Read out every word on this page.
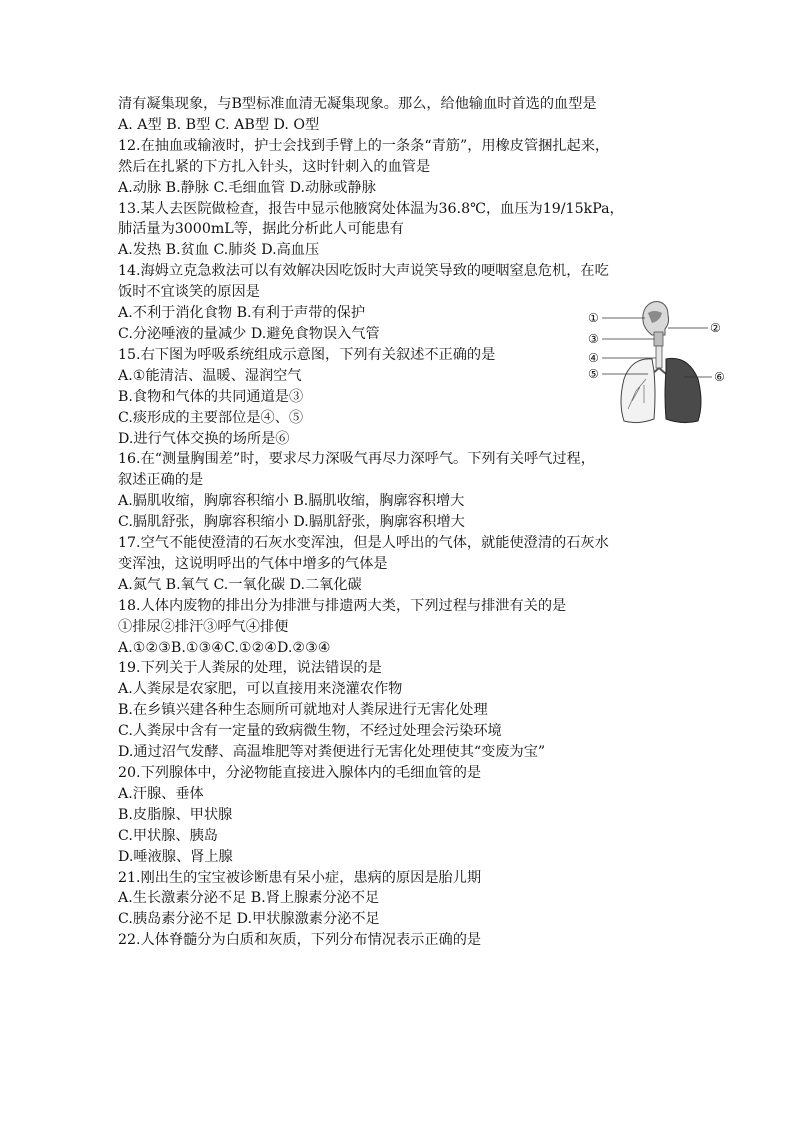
清有凝集现象，与B型标准血清无凝集现象。那么，给他输血时首选的血型是
A. A型 B. B型 C. AB型 D. O型
12.在抽血或输液时，护士会找到手臂上的一条条“青筋”，用橡皮管捆扎起来，
然后在扎紧的下方扎入针头，这时针刺入的血管是
A.动脉 B.静脉 C.毛细血管 D.动脉或静脉
13.某人去医院做检查，报告中显示他腋窝处体温为36.8℃，血压为19/15kPa，
肺活量为3000mL等，据此分析此人可能患有
A.发热 B.贫血 C.肺炎 D.高血压
14.海姆立克急救法可以有效解决因吃饭时大声说笑导致的哽咽窒息危机，在吃
饭时不宜谈笑的原因是
A.不利于消化食物 B.有利于声带的保护
C.分泌唾液的量减少 D.避免食物误入气管
15.右下图为呼吸系统组成示意图，下列有关叙述不正确的是
A.①能清洁、温暖、湿润空气
B.食物和气体的共同通道是③
C.痰形成的主要部位是④、⑤
D.进行气体交换的场所是⑥
16.在“测量胸围差”时，要求尽力深吸气再尽力深呼气。下列有关呼气过程，
叙述正确的是
A.膈肌收缩，胸廓容积缩小 B.膈肌收缩，胸廓容积增大
C.膈肌舒张，胸廓容积缩小 D.膈肌舒张，胸廓容积增大
17.空气不能使澄清的石灰水变浑浊，但是人呼出的气体，就能使澄清的石灰水
变浑浊，这说明呼出的气体中增多的气体是
A.氮气 B.氧气 C.一氧化碳 D.二氧化碳
18.人体内废物的排出分为排泄与排遗两大类，下列过程与排泄有关的是
①排尿②排汗③呼气④排便
A.①②③B.①③④C.①②④D.②③④
19.下列关于人粪尿的处理，说法错误的是
A.人粪尿是农家肥，可以直接用来浇灌农作物
B.在乡镇兴建各种生态厕所可就地对人粪尿进行无害化处理
C.人粪尿中含有一定量的致病微生物，不经过处理会污染环境
D.通过沼气发酵、高温堆肥等对粪便进行无害化处理使其“变废为宝”
20.下列腺体中，分泌物能直接进入腺体内的毛细血管的是
A.汗腺、垂体
B.皮脂腺、甲状腺
C.甲状腺、胰岛
D.唾液腺、肾上腺
21.刚出生的宝宝被诊断患有呆小症，患病的原因是胎儿期
A.生长激素分泌不足 B.肾上腺素分泌不足
C.胰岛素分泌不足 D.甲状腺激素分泌不足
22.人体脊髓分为白质和灰质，下列分布情况表示正确的是
①
②
③
④
⑤	⑥
